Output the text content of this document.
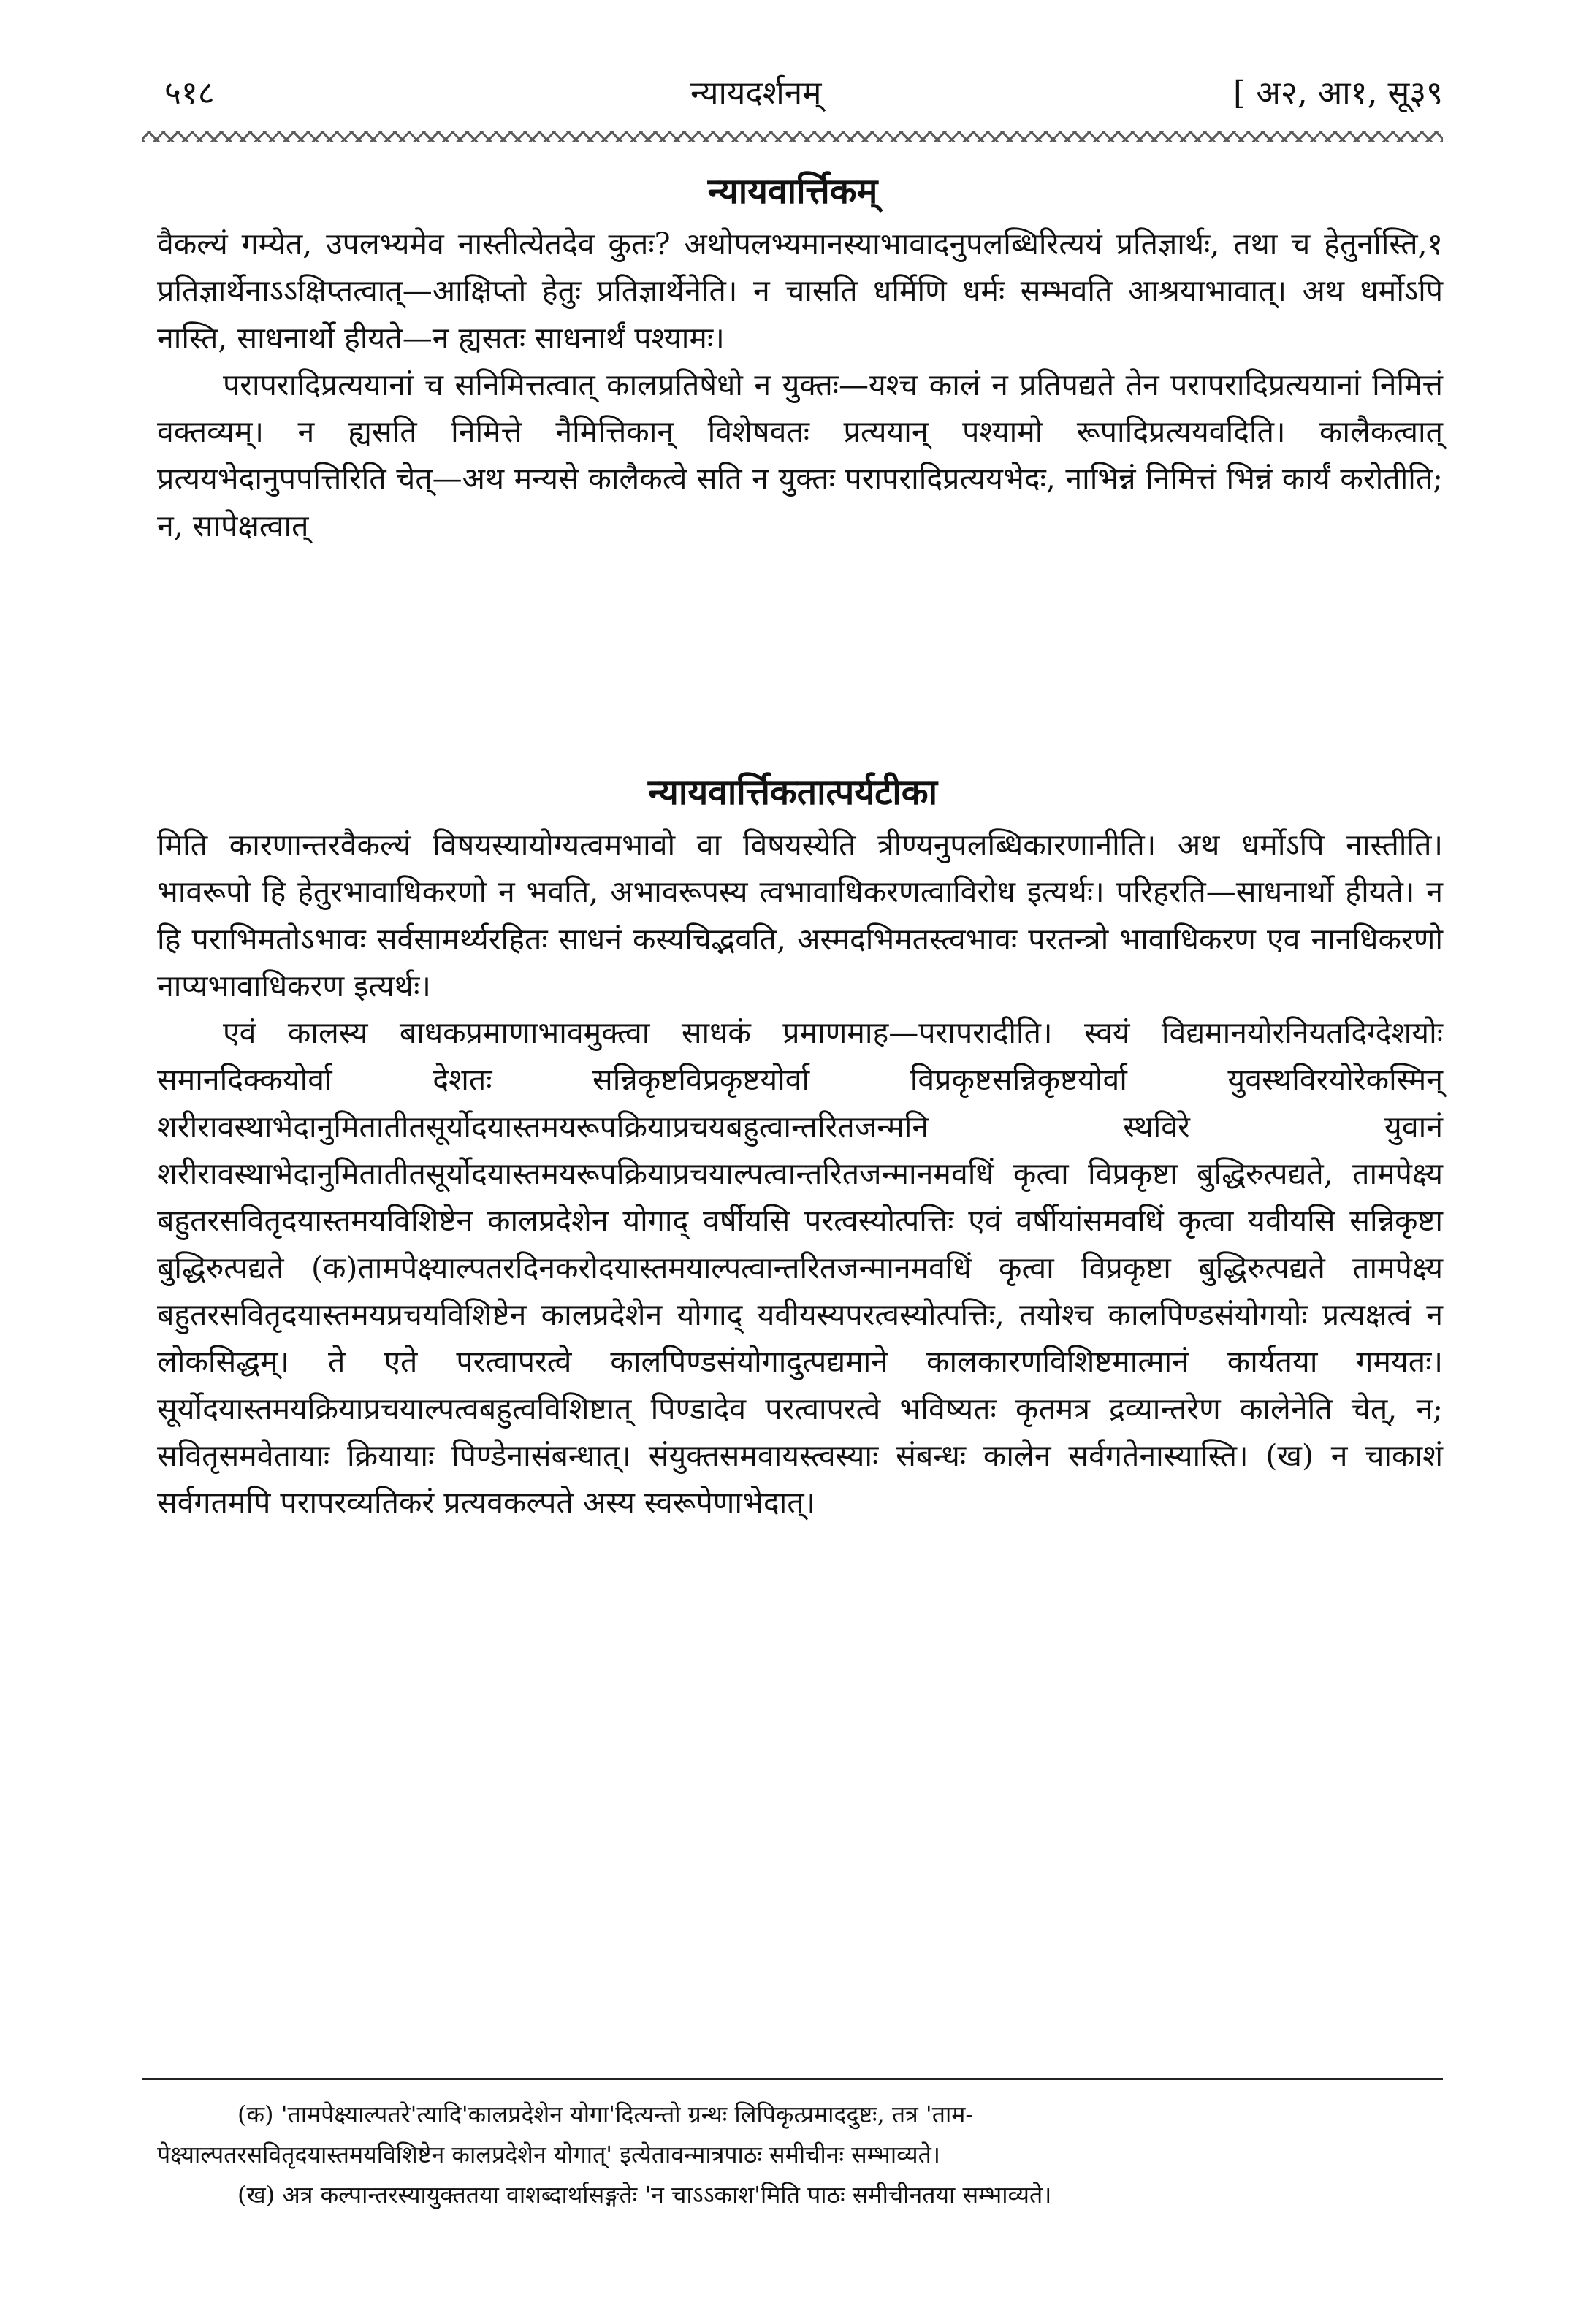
५१८	न्यायदर्शनम्	[ अ२, आ१, सू३९
न्यायवार्त्तिकम्

वैकल्यं गम्येत, उपलभ्यमेव नास्तीत्येतदेव कुतः? अथोपलभ्यमानस्याभावादनुपलब्धिरित्ययं प्रतिज्ञार्थः, तथा च हेतुर्नास्ति,१ प्रतिज्ञार्थेनाऽऽक्षिप्तत्वात्—आक्षिप्तो हेतुः प्रतिज्ञार्थेनेति। न चासति धर्मिणि धर्मः सम्भवति आश्रयाभावात्। अथ धर्मोऽपि नास्ति, साधनार्थो हीयते—न ह्यसतः साधनार्थं पश्यामः।

परापरादिप्रत्ययानां च सनिमित्तत्वात् कालप्रतिषेधो न युक्तः—यश्च कालं न प्रतिपद्यते तेन परापरादिप्रत्ययानां निमित्तं वक्तव्यम्। न ह्यसति निमित्ते नैमित्तिकान् विशेषवतः प्रत्ययान् पश्यामो रूपादिप्रत्ययवदिति। कालैकत्वात् प्रत्ययभेदानुपपत्तिरिति चेत्—अथ मन्यसे कालैकत्वे सति न युक्तः परापरादिप्रत्ययभेदः, नाभिन्नं निमित्तं भिन्नं कार्यं करोतीति; न, सापेक्षत्वात्

न्यायवार्त्तिकतात्पर्यटीका

मिति कारणान्तरवैकल्यं विषयस्यायोग्यत्वमभावो वा विषयस्येति त्रीण्यनुपलब्धिकारणानीति। अथ धर्मोऽपि नास्तीति। भावरूपो हि हेतुरभावाधिकरणो न भवति, अभावरूपस्य त्वभावाधिकरणत्वाविरोध इत्यर्थः। परिहरति—साधनार्थो हीयते। न हि पराभिमतोऽभावः सर्वसामर्थ्यरहितः साधनं कस्यचिद्भवति, अस्मदभिमतस्त्वभावः परतन्त्रो भावाधिकरण एव नानधिकरणो नाप्यभावाधिकरण इत्यर्थः।

एवं कालस्य बाधकप्रमाणाभावमुक्त्वा साधकं प्रमाणमाह—परापरादीति। स्वयं विद्यमानयोरनियतदिग्देशयोः समानदिक्कयोर्वा देशतः सन्निकृष्टविप्रकृष्टयोर्वा विप्रकृष्टसन्निकृष्टयोर्वा युवस्थविरयोरेकस्मिन् शरीरावस्थाभेदानुमितातीतसूर्योदयास्तमयरूपक्रियाप्रचयबहुत्वान्तरितजन्मनि स्थविरे युवानं शरीरावस्थाभेदानुमितातीतसूर्योदयास्तमयरूपक्रियाप्रचयाल्पत्वान्तरितजन्मानमवधिं कृत्वा विप्रकृष्टा बुद्धिरुत्पद्यते, तामपेक्ष्य बहुतरसवितृदयास्तमयविशिष्टेन कालप्रदेशेन योगाद् वर्षीयसि परत्वस्योत्पत्तिः एवं वर्षीयांसमवधिं कृत्वा यवीयसि सन्निकृष्टा बुद्धिरुत्पद्यते (क)तामपेक्ष्याल्पतरदिनकरोदयास्तमयाल्पत्वान्तरितजन्मानमवधिं कृत्वा विप्रकृष्टा बुद्धिरुत्पद्यते तामपेक्ष्य बहुतरसवितृदयास्तमयप्रचयविशिष्टेन कालप्रदेशेन योगाद् यवीयस्यपरत्वस्योत्पत्तिः, तयोश्च कालपिण्डसंयोगयोः प्रत्यक्षत्वं न लोकसिद्धम्। ते एते परत्वापरत्वे कालपिण्डसंयोगादुत्पद्यमाने कालकारणविशिष्टमात्मानं कार्यतया गमयतः। सूर्योदयास्तमयक्रियाप्रचयाल्पत्वबहुत्वविशिष्टात् पिण्डादेव परत्वापरत्वे भविष्यतः कृतमत्र द्रव्यान्तरेण कालेनेति चेत्, न; सवितृसमवेतायाः क्रियायाः पिण्डेनासंबन्धात्। संयुक्तसमवायस्त्वस्याः संबन्धः कालेन सर्वगतेनास्यास्ति। (ख) न चाकाशं सर्वगतमपि परापरव्यतिकरं प्रत्यवकल्पते अस्य स्वरूपेणाभेदात्।

(क) 'तामपेक्ष्याल्पतरे'त्यादि'कालप्रदेशेन योगा'दित्यन्तो ग्रन्थः लिपिकृत्प्रमाददुष्टः, तत्र 'ताम-

पेक्ष्याल्पतरसवितृदयास्तमयविशिष्टेन कालप्रदेशेन योगात्' इत्येतावन्मात्रपाठः समीचीनः सम्भाव्यते।

(ख) अत्र कल्पान्तरस्यायुक्ततया वाशब्दार्थासङ्गतेः 'न चाऽऽकाश'मिति पाठः समीचीनतया सम्भाव्यते।
